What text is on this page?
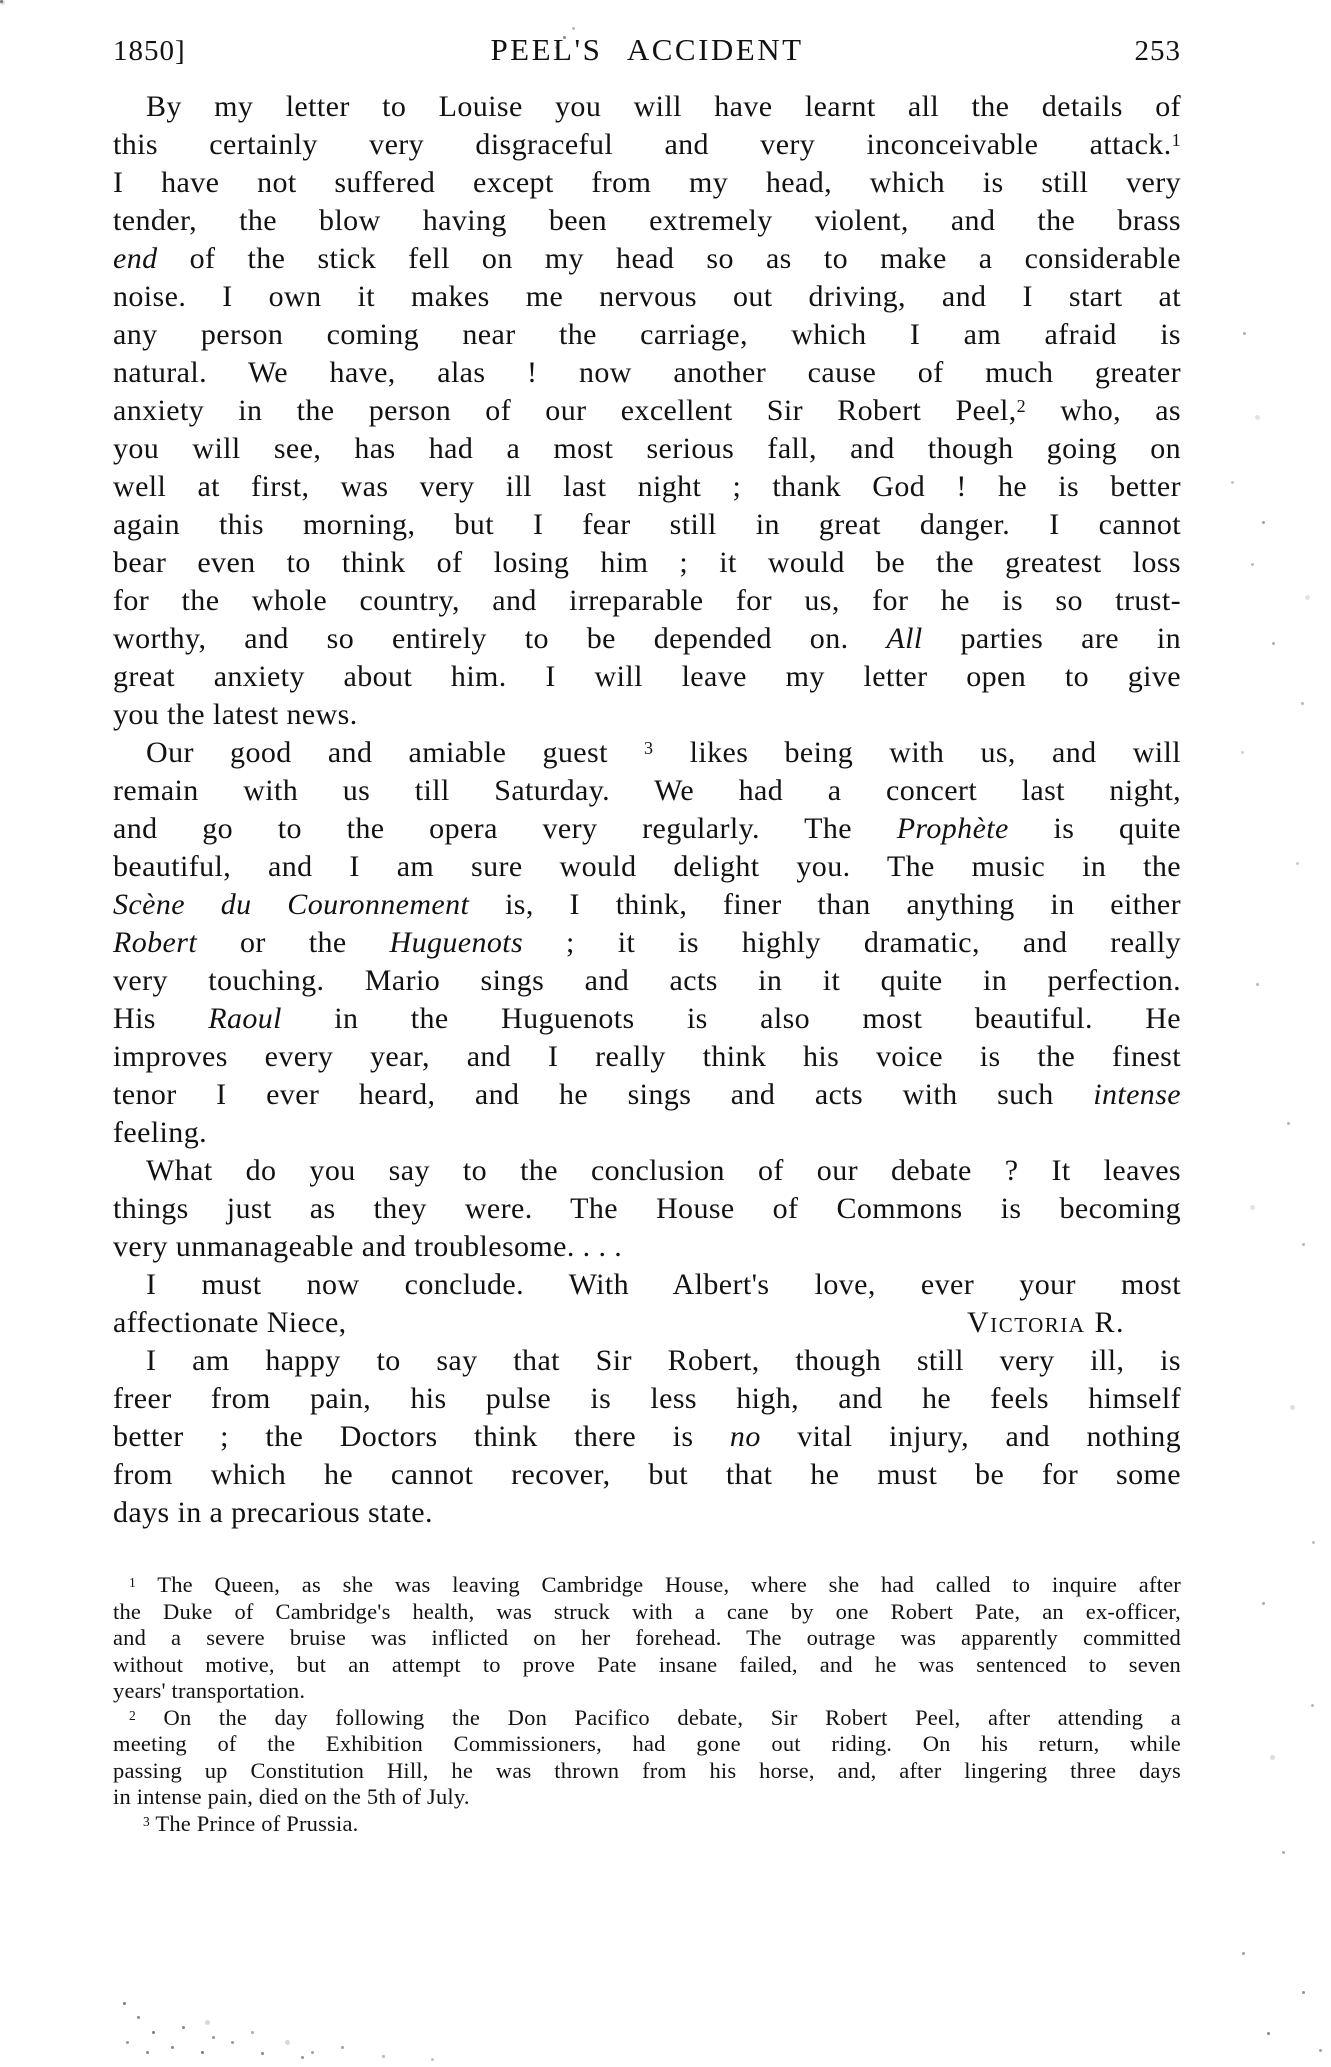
1850]	PEEL'S ACCIDENT	253
By my letter to Louise you will have learnt all the details of
this certainly very disgraceful and very inconceivable attack.$^1$
I have not suffered except from my head, which is still very
tender, the blow having been extremely violent, and the brass
end of the stick fell on my head so as to make a considerable
noise. I own it makes me nervous out driving, and I start at
any person coming near the carriage, which I am afraid is
natural. We have, alas ! now another cause of much greater
anxiety in the person of our excellent Sir Robert Peel,$^2$ who, as
you will see, has had a most serious fall, and though going on
well at first, was very ill last night ; thank God ! he is better
again this morning, but I fear still in great danger. I cannot
bear even to think of losing him ; it would be the greatest loss
for the whole country, and irreparable for us, for he is so trust-
worthy, and so entirely to be depended on. All parties are in
great anxiety about him. I will leave my letter open to give
you the latest news.
Our good and amiable guest $^3$ likes being with us, and will
remain with us till Saturday. We had a concert last night,
and go to the opera very regularly. The Prophète is quite
beautiful, and I am sure would delight you. The music in the
Scène du Couronnement is, I think, finer than anything in either
Robert or the Huguenots ; it is highly dramatic, and really
very touching. Mario sings and acts in it quite in perfection.
His Raoul in the Huguenots is also most beautiful. He
improves every year, and I really think his voice is the finest
tenor I ever heard, and he sings and acts with such intense
feeling.
What do you say to the conclusion of our debate ? It leaves
things just as they were. The House of Commons is becoming
very unmanageable and troublesome. . . .
I must now conclude. With Albert's love, ever your most
affectionate Niece,	Victoria R.
I am happy to say that Sir Robert, though still very ill, is
freer from pain, his pulse is less high, and he feels himself
better ; the Doctors think there is no vital injury, and nothing
from which he cannot recover, but that he must be for some
days in a precarious state.
$^1$ The Queen, as she was leaving Cambridge House, where she had called to inquire after
the Duke of Cambridge's health, was struck with a cane by one Robert Pate, an ex-officer,
and a severe bruise was inflicted on her forehead. The outrage was apparently committed
without motive, but an attempt to prove Pate insane failed, and he was sentenced to seven
years' transportation.
$^2$ On the day following the Don Pacifico debate, Sir Robert Peel, after attending a
meeting of the Exhibition Commissioners, had gone out riding. On his return, while
passing up Constitution Hill, he was thrown from his horse, and, after lingering three days
in intense pain, died on the 5th of July.
$^3$ The Prince of Prussia.
